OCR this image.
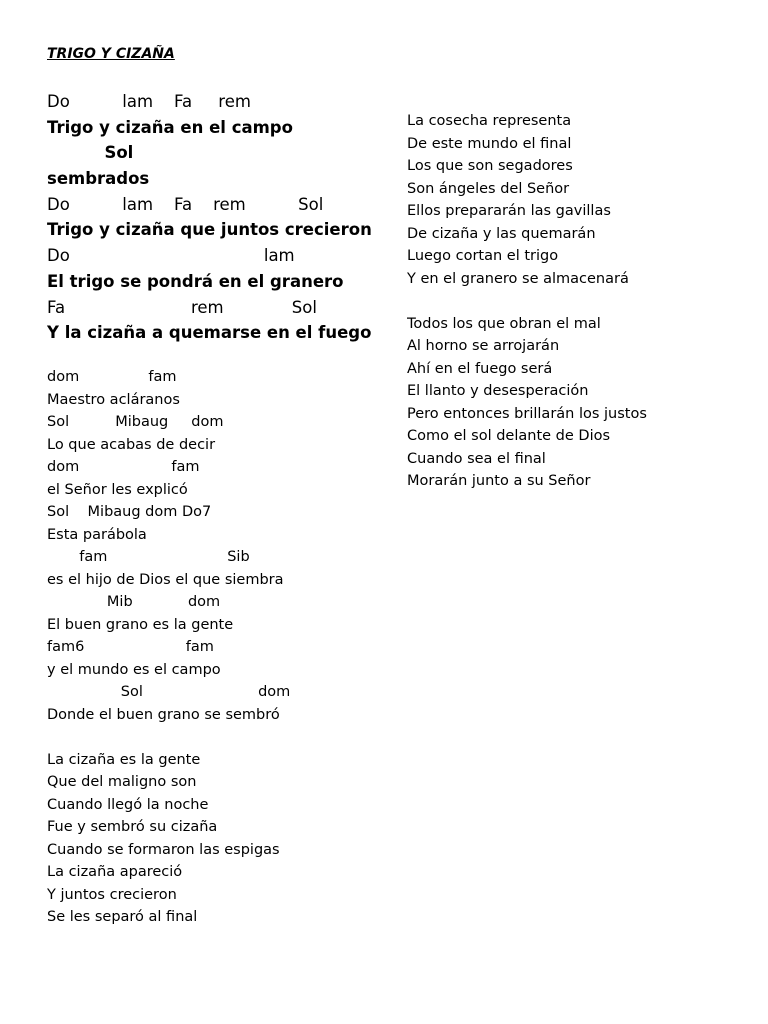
TRIGO Y CIZAÑA
Do          lam    Fa     rem
Trigo y cizaña en el campo
Sol
sembrados
Do          lam    Fa    rem          Sol
Trigo y cizaña que juntos crecieron
Do                                     lam
El trigo se pondrá en el granero
Fa                        rem             Sol
Y la cizaña a quemarse en el fuego
dom               fam
Maestro acláranos
Sol          Mibaug     dom
Lo que acabas de decir
dom                    fam
el Señor les explicó
Sol    Mibaug dom Do7
Esta parábola
fam                          Sib
es el hijo de Dios el que siembra
Mib            dom
El buen grano es la gente
fam6                      fam
y el mundo es el campo
Sol                         dom
Donde el buen grano se sembró
La cizaña es la gente
Que del maligno son
Cuando llegó la noche
Fue y sembró su cizaña
Cuando se formaron las espigas
La cizaña apareció
Y juntos crecieron
Se les separó al final
La cosecha representa
De este mundo el final
Los que son segadores
Son ángeles del Señor
Ellos prepararán las gavillas
De cizaña y las quemarán
Luego cortan el trigo
Y en el granero se almacenará
Todos los que obran el mal
Al horno se arrojarán
Ahí en el fuego será
El llanto y desesperación
Pero entonces brillarán los justos
Como el sol delante de Dios
Cuando sea el final
Morarán junto a su Señor
